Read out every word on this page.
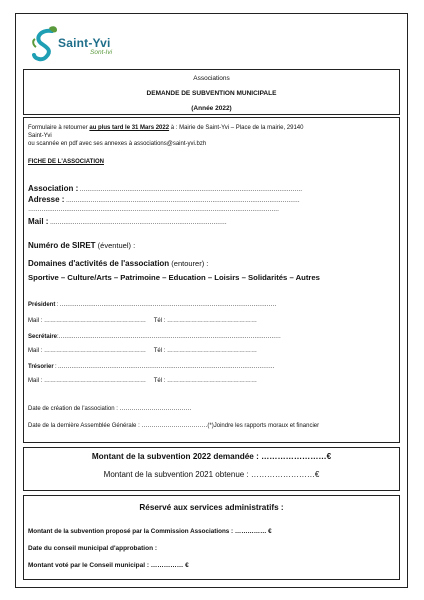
Saint-Yvi
Sont-Ivi
Associations
DEMANDE DE SUBVENTION MUNICIPALE
(Année 2022)
Formulaire à retourner au plus tard le 31 Mars 2022 à : Mairie de Saint-Yvi – Place de la mairie, 29140
Saint-Yvi
ou scannée en pdf avec ses annexes à associations@saint-yvi.bzh
FICHE DE L'ASSOCIATION
Association : ………………………………………………………………………………………………………
Adresse : ……………………………………………………………………………………………………………
……………………………………………………………………………………………………………………
Mail : …………………………………………………………………………………
Numéro de SIRET (éventuel) :
Domaines d'activités de l'association (entourer) :
Sportive – Culture/Arts – Patrimoine – Education – Loisirs – Solidarités – Autres
Président : ……………………………………………………………………………………………………
Mail : …………………………………………… Tél : ………………………………………
Secrétaire:………………………………………………………………………………………………………
Mail : …………………………………………… Tél : ………………………………………
Trésorier : ……………………………………………………………………………………………………
Mail : …………………………………………… Tél : ………………………………………
Date de création de l'association : ………………………………
Date de la dernière Assemblée Générale : ……………………………(*)Joindre les rapports moraux et financier
Montant de la subvention 2022 demandée : ……………………€
Montant de la subvention 2021 obtenue : ……………………€
Réservé aux services administratifs :
Montant de la subvention proposé par la Commission Associations : …………… €
Date du conseil municipal d'approbation :
Montant voté par le Conseil municipal : …………… €
